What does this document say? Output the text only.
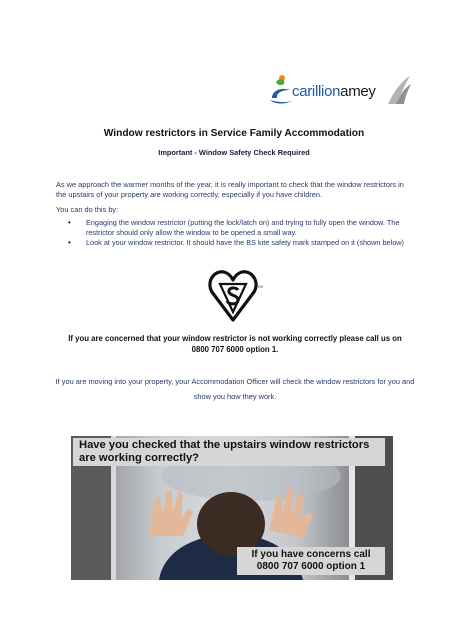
carillionamey
Window restrictors in Service Family Accommodation
Important - Window Safety Check Required
As we approach the warmer months of the year, it is really important to check that the window restrictors in the upstairs of your property are working correctly, especially if you have children.
You can do this by:
• Engaging the window restrictor (putting the lock/latch on) and trying to fully open the window. The restrictor should only allow the window to be opened a small way.
• Look at your window restrictor. It should have the BS kite safety mark stamped on it (shown below)
TM
If you are concerned that your window restrictor is not working correctly please call us on 0800 707 6000 option 1.
If you are moving into your property, your Accommodation Officer will check the window restrictors for you and show you how they work.
Have you checked that the upstairs window restrictors are working correctly?
If you have concerns call 0800 707 6000 option 1
